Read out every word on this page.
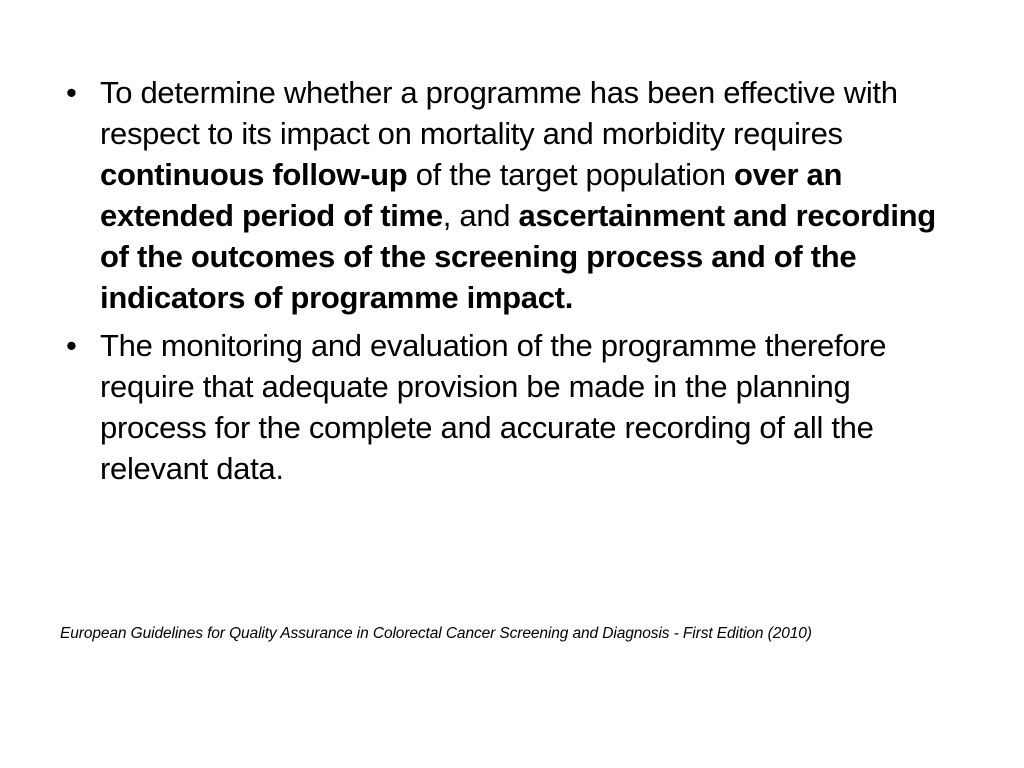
• To determine whether a programme has been effective with respect to its impact on mortality and morbidity requires continuous follow-up of the target population over an extended period of time, and ascertainment and recording of the outcomes of the screening process and of the indicators of programme impact.
• The monitoring and evaluation of the programme therefore require that adequate provision be made in the planning process for the complete and accurate recording of all the relevant data.
European Guidelines for Quality Assurance in Colorectal Cancer Screening and Diagnosis - First Edition (2010)
